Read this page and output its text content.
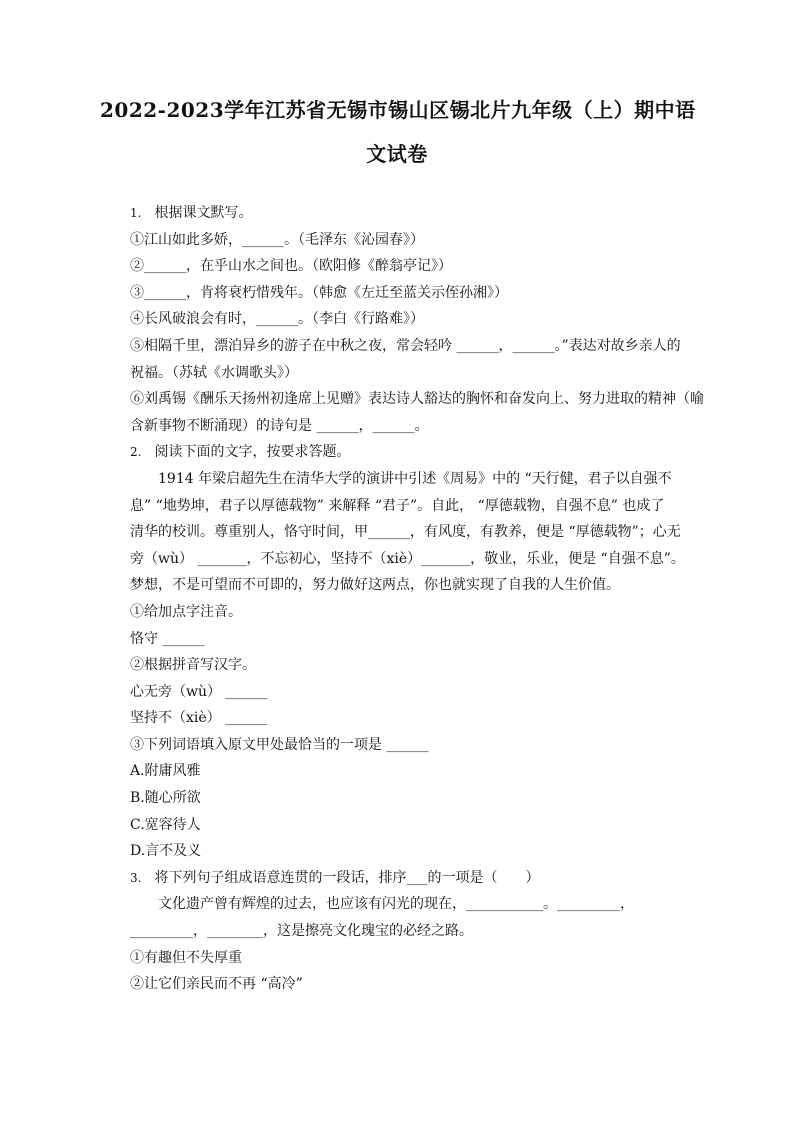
2022-2023学年江苏省无锡市锡山区锡北片九年级（上）期中语
文试卷
1. 根据课文默写。
①江山如此多娇，______。（毛泽东《沁园春》）
②______，在乎山水之间也。（欧阳修《醉翁亭记》）
③______，肯将衰朽惜残年。（韩愈《左迁至蓝关示侄孙湘》）
④长风破浪会有时，______。（李白《行路难》）
⑤相隔千里，漂泊异乡的游子在中秋之夜，常会轻吟 ______，______。”表达对故乡亲人的
祝福。（苏轼《水调歌头》）
⑥刘禹锡《酬乐天扬州初逢席上见赠》表达诗人豁达的胸怀和奋发向上、努力进取的精神（喻
含新事物不断涌现）的诗句是 ______，______。
2. 阅读下面的文字，按要求答题。
1914 年梁启超先生在清华大学的演讲中引述《周易》中的 “天行健，君子以自强不
息” “地势坤，君子以厚德载物” 来解释 “君子”。自此， “厚德载物，自强不息” 也成了
清华的校训。尊重别人，恪守时间，甲______，有风度，有教养，便是 “厚德载物”；心无
旁（wù） _______，不忘初心，坚持不（xiè）_______，敬业，乐业，便是 “自强不息”。
梦想，不是可望而不可即的，努力做好这两点，你也就实现了自我的人生价值。
①给加点字注音。
恪守 ______
②根据拼音写汉字。
心无旁（wù） ______
坚持不（xiè） ______
③下列词语填入原文甲处最恰当的一项是 ______
A.附庸风雅
B.随心所欲
C.宽容待人
D.言不及义
3. 将下列句子组成语意连贯的一段话，排序___的一项是（　　）
文化遗产曾有辉煌的过去，也应该有闪光的现在，___________。_________，
_________，________，这是擦亮文化瑰宝的必经之路。
①有趣但不失厚重
②让它们亲民而不再 “高冷”
